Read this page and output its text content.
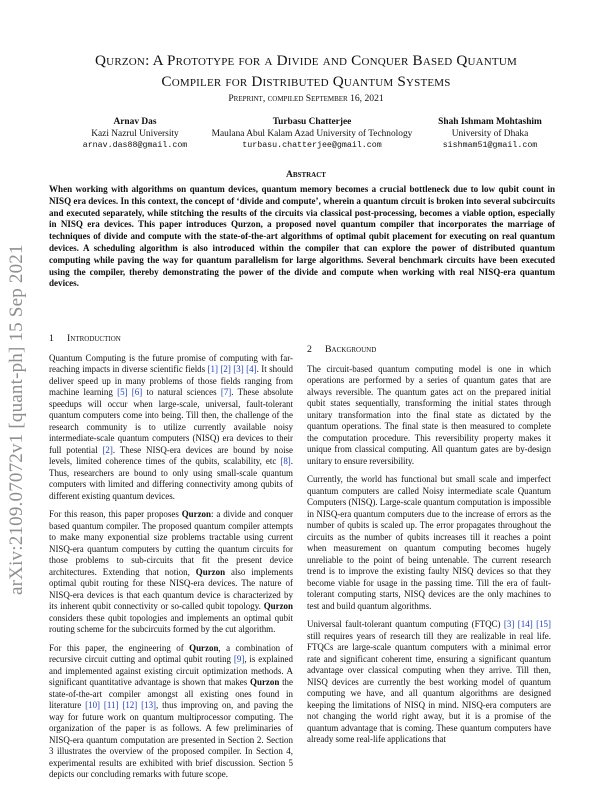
arXiv:2109.07072v1 [quant-ph] 15 Sep 2021
Qurzon: A Prototype for a Divide and Conquer Based Quantum
Compiler for Distributed Quantum Systems
Preprint, compiled September 16, 2021
Arnav Das
Kazi Nazrul University
arnav.das88@gmail.com
Turbasu Chatterjee
Maulana Abul Kalam Azad University of Technology
turbasu.chatterjee@gmail.com
Shah Ishmam Mohtashim
University of Dhaka
sishmam51@gmail.com
Abstract

When working with algorithms on quantum devices, quantum memory becomes a crucial bottleneck due to low qubit count in NISQ era devices. In this context, the concept of ‘divide and compute’, wherein a quantum circuit is broken into several subcircuits and executed separately, while stitching the results of the circuits via classical post-processing, becomes a viable option, especially in NISQ era devices. This paper introduces Qurzon, a proposed novel quantum compiler that incorporates the marriage of techniques of divide and compute with the state-of-the-art algorithms of optimal qubit placement for executing on real quantum devices. A scheduling algorithm is also introduced within the compiler that can explore the power of distributed quantum computing while paving the way for quantum parallelism for large algorithms. Several benchmark circuits have been executed using the compiler, thereby demonstrating the power of the divide and compute when working with real NISQ-era quantum devices.

1 Introduction

Quantum Computing is the future promise of computing with far-reaching impacts in diverse scientific fields [1] [2] [3] [4]. It should deliver speed up in many problems of those fields ranging from machine learning [5] [6] to natural sciences [7]. These absolute speedups will occur when large-scale, universal, fault-tolerant quantum computers come into being. Till then, the challenge of the research community is to utilize currently available noisy intermediate-scale quantum computers (NISQ) era devices to their full potential [2]. These NISQ-era devices are bound by noise levels, limited coherence times of the qubits, scalability, etc [8]. Thus, researchers are bound to only using small-scale quantum computers with limited and differing connectivity among qubits of different existing quantum devices.

For this reason, this paper proposes Qurzon: a divide and conquer based quantum compiler. The proposed quantum compiler attempts to make many exponential size problems tractable using current NISQ-era quantum computers by cutting the quantum circuits for those problems to sub-circuits that fit the present device architectures. Extending that notion, Qurzon also implements optimal qubit routing for these NISQ-era devices. The nature of NISQ-era devices is that each quantum device is characterized by its inherent qubit connectivity or so-called qubit topology. Qurzon considers these qubit topologies and implements an optimal qubit routing scheme for the subcircuits formed by the cut algorithm.

For this paper, the engineering of Qurzon, a combination of recursive circuit cutting and optimal qubit routing [9], is explained and implemented against existing circuit optimization methods. A significant quantitative advantage is shown that makes Qurzon the state-of-the-art compiler amongst all existing ones found in literature [10] [11] [12] [13], thus improving on, and paving the way for future work on quantum multiprocessor computing. The organization of the paper is as follows. A few preliminaries of NISQ-era quantum computation are presented in Section 2. Section 3 illustrates the overview of the proposed compiler. In Section 4, experimental results are exhibited with brief discussion. Section 5 depicts our concluding remarks with future scope.

2 Background

The circuit-based quantum computing model is one in which operations are performed by a series of quantum gates that are always reversible. The quantum gates act on the prepared initial qubit states sequentially, transforming the initial states through unitary transformation into the final state as dictated by the quantum operations. The final state is then measured to complete the computation procedure. This reversibility property makes it unique from classical computing. All quantum gates are by-design unitary to ensure reversibility.

Currently, the world has functional but small scale and imperfect quantum computers are called Noisy intermediate scale Quantum Computers (NISQ). Large-scale quantum computation is impossible in NISQ-era quantum computers due to the increase of errors as the number of qubits is scaled up. The error propagates throughout the circuits as the number of qubits increases till it reaches a point when measurement on quantum computing becomes hugely unreliable to the point of being untenable. The current research trend is to improve the existing faulty NISQ devices so that they become viable for usage in the passing time. Till the era of fault-tolerant computing starts, NISQ devices are the only machines to test and build quantum algorithms.

Universal fault-tolerant quantum computing (FTQC) [3] [14] [15] still requires years of research till they are realizable in real life. FTQCs are large-scale quantum computers with a minimal error rate and significant coherent time, ensuring a significant quantum advantage over classical computing when they arrive. Till then, NISQ devices are currently the best working model of quantum computing we have, and all quantum algorithms are designed keeping the limitations of NISQ in mind. NISQ-era computers are not changing the world right away, but it is a promise of the quantum advantage that is coming. These quantum computers have already some real-life applications that
